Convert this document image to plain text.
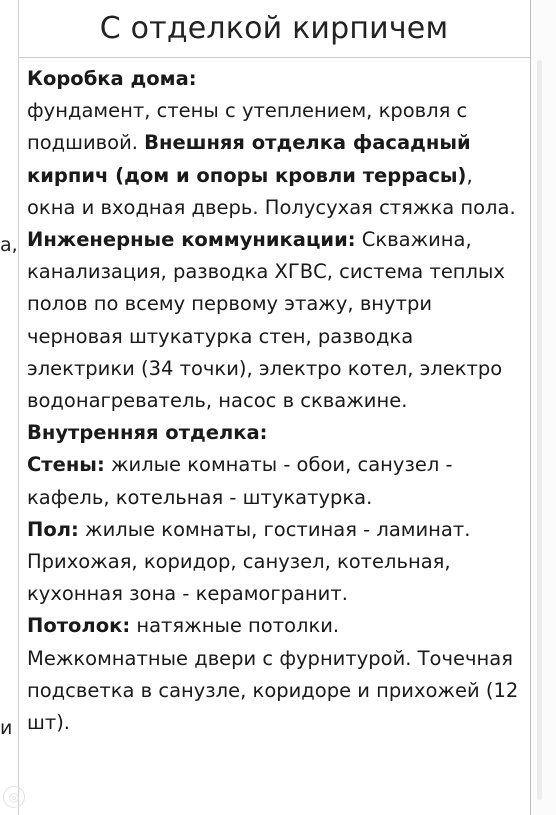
а,
и
С отделкой кирпичем

Коробка дома:
фундамент, стены с утеплением, кровля с подшивой. Внешняя отделка фасадный кирпич (дом и опоры кровли террасы), окна и входная дверь. Полусухая стяжка пола.

Инженерные коммуникации: Скважина, канализация, разводка ХГВС, система теплых полов по всему первому этажу, внутри черновая штукатурка стен, разводка электрики (34 точки), электро котел, электро водонагреватель, насос в скважине.

Внутренняя отделка:

Стены: жилые комнаты - обои, санузел - кафель, котельная - штукатурка.

Пол: жилые комнаты, гостиная - ламинат. Прихожая, коридор, санузел, котельная, кухонная зона - керамогранит.

Потолок: натяжные потолки.

Межкомнатные двери с фурнитурой. Точечная подсветка в санузле, коридоре и прихожей (12 шт).

◎
